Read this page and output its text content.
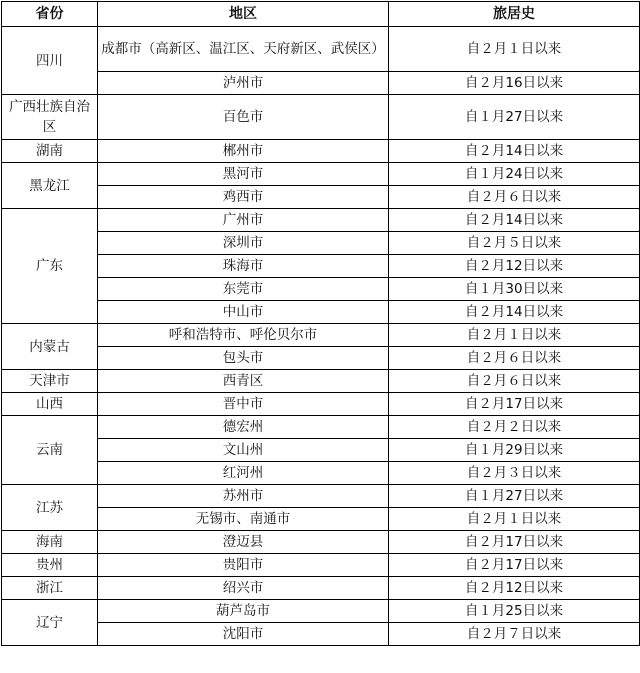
省份	地区	旅居史
四川	成都市（高新区、温江区、天府新区、武侯区）	自２月１日以来
	泸州市	自２月16日以来
广西壮族自治区	百色市	自１月27日以来
湖南	郴州市	自２月14日以来
黑龙江	黑河市	自１月24日以来
	鸡西市	自２月６日以来
广东	广州市	自２月14日以来
	深圳市	自２月５日以来
	珠海市	自２月12日以来
	东莞市	自１月30日以来
	中山市	自２月14日以来
内蒙古	呼和浩特市、呼伦贝尔市	自２月１日以来
	包头市	自２月６日以来
天津市	西青区	自２月６日以来
山西	晋中市	自２月17日以来
云南	德宏州	自２月２日以来
	文山州	自１月29日以来
	红河州	自２月３日以来
江苏	苏州市	自１月27日以来
	无锡市、南通市	自２月１日以来
海南	澄迈县	自２月17日以来
贵州	贵阳市	自２月17日以来
浙江	绍兴市	自２月12日以来
辽宁	葫芦岛市	自１月25日以来
	沈阳市	自２月７日以来
